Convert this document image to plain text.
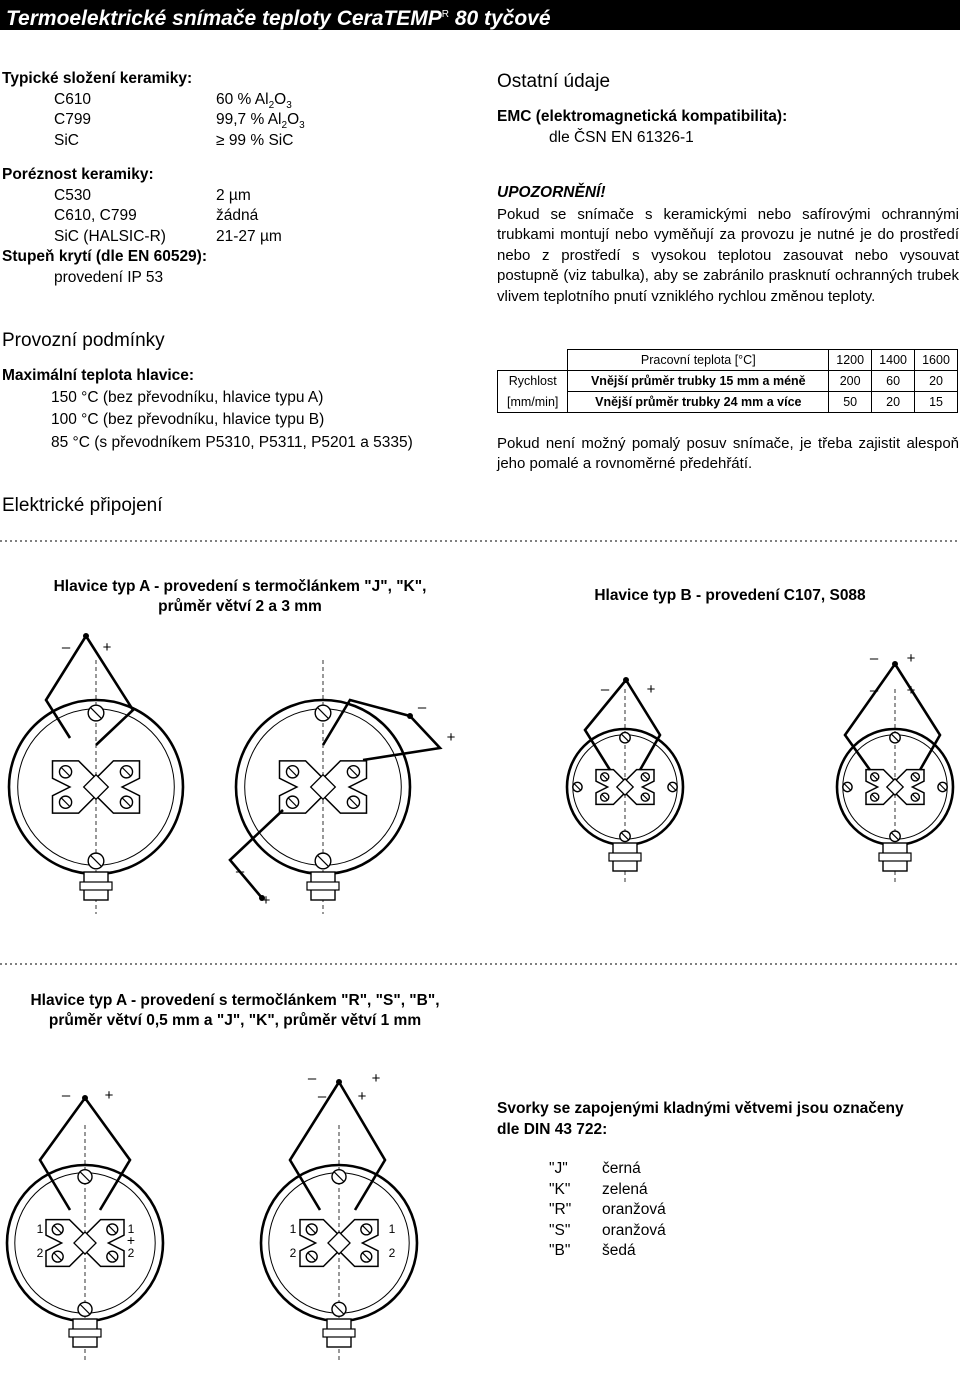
Termoelektrické snímače teploty CeraTEMP$^R$ 80 tyčové
Typické složení keramiky:
C610	60 % $Al_2O_3$
C799	99,7 % $Al_2O_3$
SiC	≥ 99 % SiC
Poréznost keramiky:
C530	2 µm
C610, C799	žádná
SiC (HALSIC-R)	21-27 µm
Stupeň krytí (dle EN 60529):
provedení IP 53
Provozní podmínky
Maximální teplota hlavice:
150 °C (bez převodníku, hlavice typu A)
100 °C (bez převodníku, hlavice typu B)
85 °C (s převodníkem P5310, P5311, P5201 a 5335)
Elektrické připojení
Ostatní údaje
EMC (elektromagnetická kompatibilita):
dle ČSN EN 61326-1
UPOZORNĚNÍ!
Pokud se snímače s keramickými nebo safírovými ochrannými trubkami montují nebo vyměňují za provozu je nutné je do prostředí nebo z prostředí s vysokou teplotou zasouvat nebo vysouvat postupně (viz tabulka), aby se zabránilo prasknutí ochranných trubek vlivem teplotního pnutí vzniklého rychlou změnou teploty.
	Pracovní teplota [°C]	1200	1400	1600
Rychlost	Vnější průměr trubky 15 mm a méně	200	60	20
[mm/min]	Vnější průměr trubky 24 mm a více	50	20	15
Pokud není možný pomalý posuv snímače, je třeba zajistit alespoň jeho pomalé a rovnoměrné předehřátí.
Hlavice typ A - provedení s termočlánkem "J", "K",
průměr větví 2 a 3 mm
Hlavice typ B - provedení C107, S088
Hlavice typ A - provedení s termočlánkem "R", "S", "B",
průměr větví 0,5 mm a "J", "K", průměr větví 1 mm
Svorky se zapojenými kladnými větvemi jsou označeny
dle DIN 43 722:
"J" černá
"K" zelená
"R" oranžová
"S" oranžová
"B" šedá
– +
–
+
–
+
– +
– +
– +
– +
1
2
1
2
+
–	+
– +
1
2
1
2
